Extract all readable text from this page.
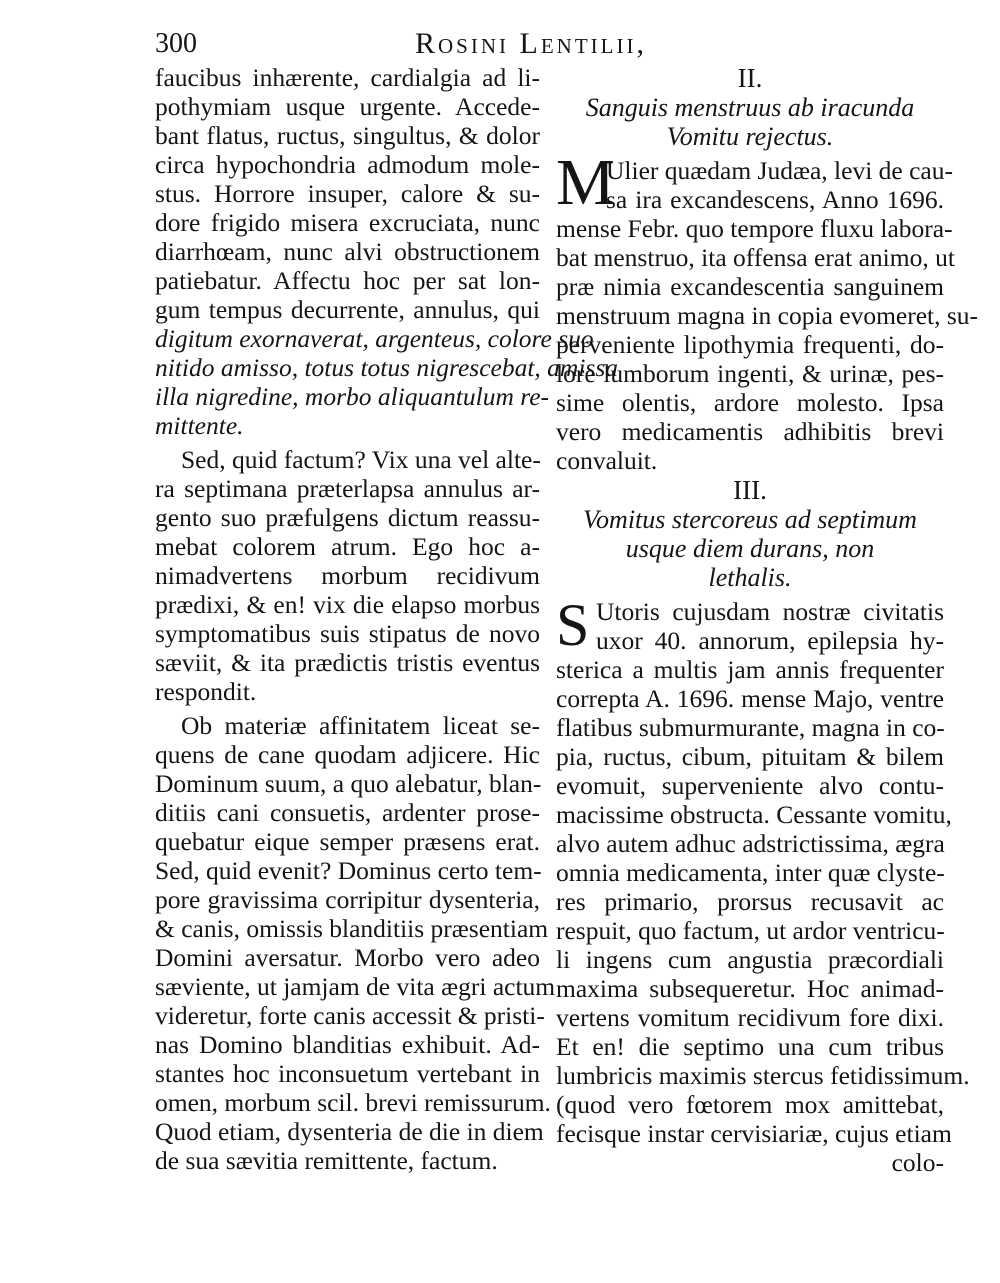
300	Rosini Lentilii,
faucibus inhærente, cardialgia ad li-
pothymiam usque urgente. Accede-
bant flatus, ructus, singultus, & dolor
circa hypochondria admodum mole-
stus. Horrore insuper, calore & su-
dore frigido misera excruciata, nunc
diarrhœam, nunc alvi obstructionem
patiebatur. Affectu hoc per sat lon-
gum tempus decurrente, annulus, qui
digitum exornaverat, argenteus, colore suo
nitido amisso, totus totus nigrescebat, amissa
illa nigredine, morbo aliquantulum re-
mittente.
Sed, quid factum? Vix una vel alte-
ra septimana præterlapsa annulus ar-
gento suo præfulgens dictum reassu-
mebat colorem atrum. Ego hoc a-
nimadvertens morbum recidivum
prædixi, & en! vix die elapso morbus
symptomatibus suis stipatus de novo
sæviit, & ita prædictis tristis eventus
respondit.
Ob materiæ affinitatem liceat se-
quens de cane quodam adjicere. Hic
Dominum suum, a quo alebatur, blan-
ditiis cani consuetis, ardenter prose-
quebatur eique semper præsens erat.
Sed, quid evenit? Dominus certo tem-
pore gravissima corripitur dysenteria,
& canis, omissis blanditiis præsentiam
Domini aversatur. Morbo vero adeo
sæviente, ut jamjam de vita ægri actum
videretur, forte canis accessit & pristi-
nas Domino blanditias exhibuit. Ad-
stantes hoc inconsuetum vertebant in
omen, morbum scil. brevi remissurum.
Quod etiam, dysenteria de die in diem
de sua sævitia remittente, factum.
II.
Sanguis menstruus ab iracunda
Vomitu rejectus.
M
Ulier quædam Judæa, levi de cau-
sa ira excandescens, Anno 1696.
mense Febr. quo tempore fluxu labora-
bat menstruo, ita offensa erat animo, ut
præ nimia excandescentia sanguinem
menstruum magna in copia evomeret, su-
perveniente lipothymia frequenti, do-
lore lumborum ingenti, & urinæ, pes-
sime olentis, ardore molesto. Ipsa
vero medicamentis adhibitis brevi
convaluit.
III.
Vomitus stercoreus ad septimum
usque diem durans, non
lethalis.
S Utoris cujusdam nostræ civitatis
uxor 40. annorum, epilepsia hy-
sterica a multis jam annis frequenter
correpta A. 1696. mense Majo, ventre
flatibus submurmurante, magna in co-
pia, ructus, cibum, pituitam & bilem
evomuit, superveniente alvo contu-
macissime obstructa. Cessante vomitu,
alvo autem adhuc adstrictissima, ægra
omnia medicamenta, inter quæ clyste-
res primario, prorsus recusavit ac
respuit, quo factum, ut ardor ventricu-
li ingens cum angustia præcordiali
maxima subsequeretur. Hoc animad-
vertens vomitum recidivum fore dixi.
Et en! die septimo una cum tribus
lumbricis maximis stercus fetidissimum.
(quod vero fœtorem mox amittebat,
fecisque instar cervisiariæ, cujus etiam
colo-
